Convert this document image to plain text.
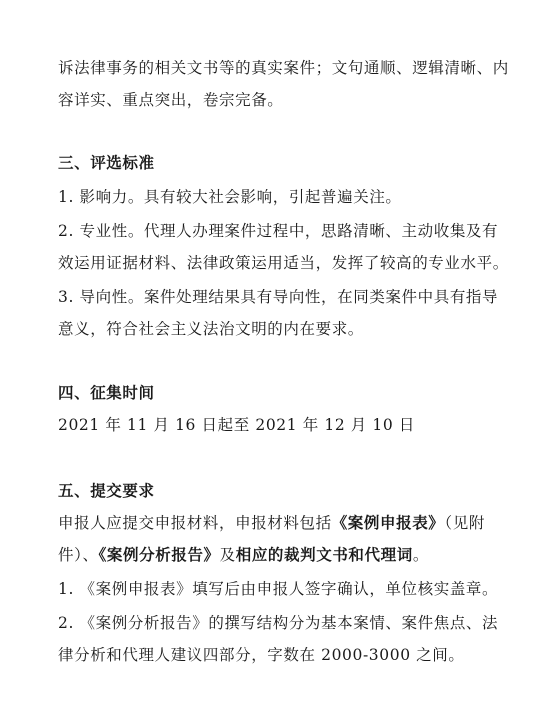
诉法律事务的相关文书等的真实案件；文句通顺、逻辑清晰、内
容详实、重点突出，卷宗完备。
三、评选标准
1. 影响力。具有较大社会影响，引起普遍关注。
2. 专业性。代理人办理案件过程中，思路清晰、主动收集及有
效运用证据材料、法律政策运用适当，发挥了较高的专业水平。
3. 导向性。案件处理结果具有导向性，在同类案件中具有指导
意义，符合社会主义法治文明的内在要求。
四、征集时间
2021 年 11 月 16 日起至 2021 年 12 月 10 日
五、提交要求
申报人应提交申报材料，申报材料包括《案例申报表》（见附
件）、《案例分析报告》及相应的裁判文书和代理词。
1. 《案例申报表》填写后由申报人签字确认，单位核实盖章。
2. 《案例分析报告》的撰写结构分为基本案情、案件焦点、法
律分析和代理人建议四部分，字数在 2000-3000 之间。
